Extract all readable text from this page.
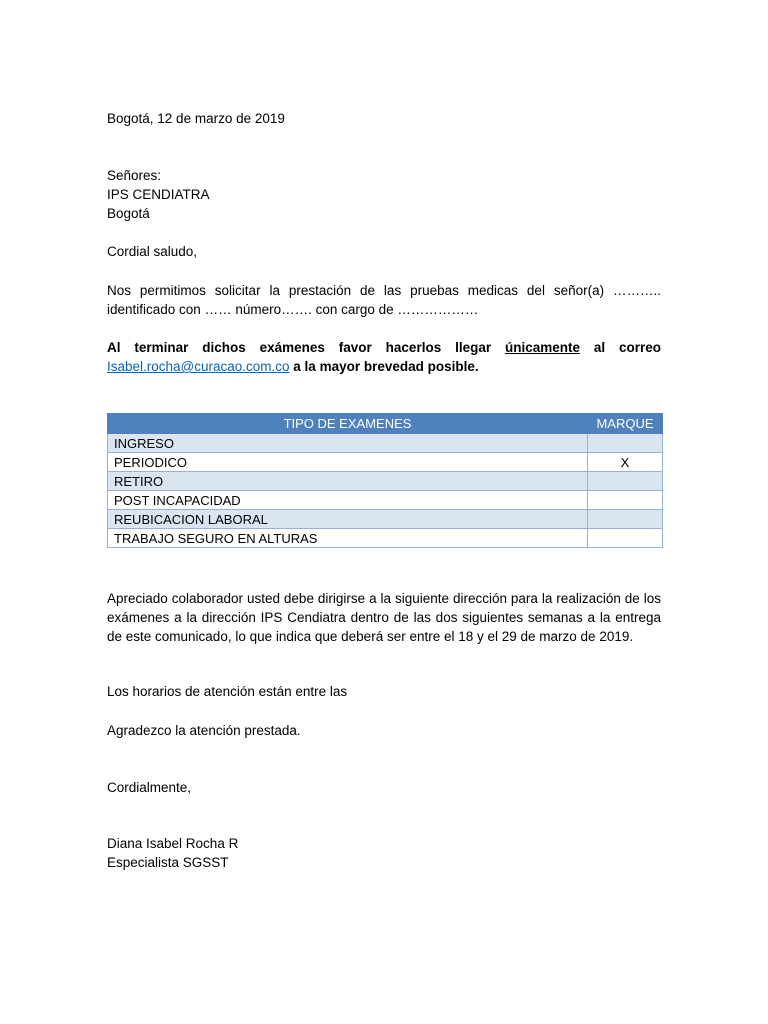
Bogotá, 12 de marzo de 2019
Señores:
IPS CENDIATRA
Bogotá
Cordial saludo,
Nos permitimos solicitar la prestación de las pruebas medicas del señor(a) ……….. identificado con …… número……. con cargo de ………………
Al terminar dichos exámenes favor hacerlos llegar únicamente al correo Isabel.rocha@curacao.com.co a la mayor brevedad posible.
TIPO DE EXAMENES	MARQUE
INGRESO	
PERIODICO	X
RETIRO	
POST INCAPACIDAD	
REUBICACION LABORAL	
TRABAJO SEGURO EN ALTURAS	
Apreciado colaborador usted debe dirigirse a la siguiente dirección para la realización de los exámenes a la dirección IPS Cendiatra dentro de las dos siguientes semanas a la entrega de este comunicado, lo que indica que deberá ser entre el 18 y el 29 de marzo de 2019.
Los horarios de atención están entre las
Agradezco la atención prestada.
Cordialmente,
Diana Isabel Rocha R
Especialista SGSST
